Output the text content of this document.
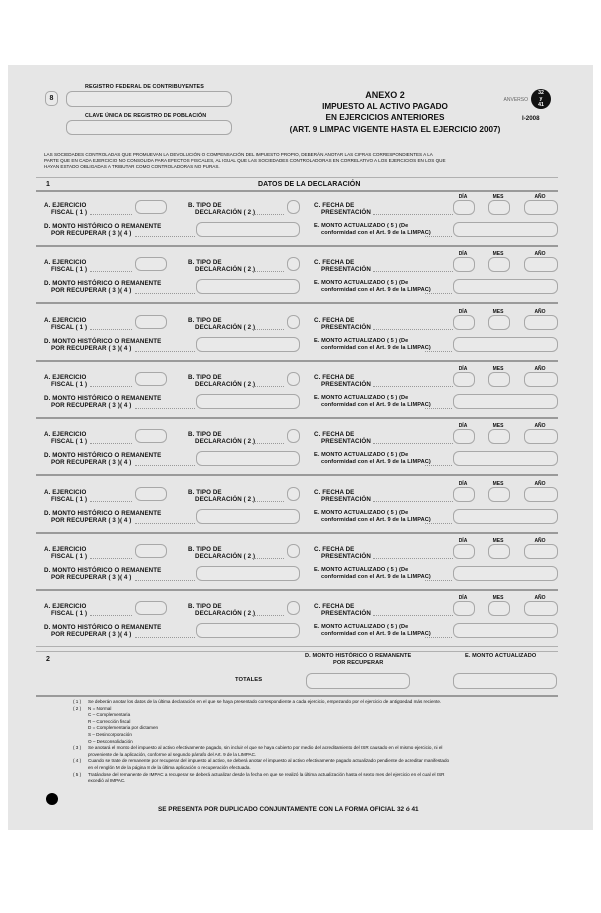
8
REGISTRO FEDERAL DE CONTRIBUYENTES
CLAVE ÚNICA DE REGISTRO DE POBLACIÓN
ANEXO 2
IMPUESTO AL ACTIVO PAGADO
EN EJERCICIOS ANTERIORES
(ART. 9 LIMPAC VIGENTE HASTA EL EJERCICIO 2007)
ANVERSO
32
y
41
I-2008
LAS SOCIEDADES CONTROLADAS QUE PROMUEVAN LA DEVOLUCIÓN O COMPENSACIÓN DEL IMPUESTO PROPIO, DEBERÁN ANOTAR LAS CIFRAS CORRESPONDIENTES A LA
PARTE QUE EN CADA EJERCICIO NO CONSOLIDA PARA EFECTOS FISCALES, AL IGUAL QUE LAS SOCIEDADES CONTROLADORAS EN CORRELATIVO A LOS EJERCICIOS EN LOS QUE
HAYAN ESTADO OBLIGADAS A TRIBUTAR COMO CONTROLADORAS NO PURAS.
1	DATOS DE LA DECLARACIÓN
DÍA	MES	AÑO
A. EJERCICIO
FISCAL ( 1 )
B. TIPO DE
DECLARACIÓN ( 2 )
C. FECHA DE
PRESENTACIÓN
D. MONTO HISTÓRICO O REMANENTE
POR RECUPERAR ( 3 )( 4 )
E. MONTO ACTUALIZADO ( 5 ) (De
conformidad con el Art. 9 de la LIMPAC)
DÍA	MES	AÑO
A. EJERCICIO
FISCAL ( 1 )
B. TIPO DE
DECLARACIÓN ( 2 )
C. FECHA DE
PRESENTACIÓN
D. MONTO HISTÓRICO O REMANENTE
POR RECUPERAR ( 3 )( 4 )
E. MONTO ACTUALIZADO ( 5 ) (De
conformidad con el Art. 9 de la LIMPAC)
DÍA	MES	AÑO
A. EJERCICIO
FISCAL ( 1 )
B. TIPO DE
DECLARACIÓN ( 2 )
C. FECHA DE
PRESENTACIÓN
D. MONTO HISTÓRICO O REMANENTE
POR RECUPERAR ( 3 )( 4 )
E. MONTO ACTUALIZADO ( 5 ) (De
conformidad con el Art. 9 de la LIMPAC)
DÍA	MES	AÑO
A. EJERCICIO
FISCAL ( 1 )
B. TIPO DE
DECLARACIÓN ( 2 )
C. FECHA DE
PRESENTACIÓN
D. MONTO HISTÓRICO O REMANENTE
POR RECUPERAR ( 3 )( 4 )
E. MONTO ACTUALIZADO ( 5 ) (De
conformidad con el Art. 9 de la LIMPAC)
DÍA	MES	AÑO
A. EJERCICIO
FISCAL ( 1 )
B. TIPO DE
DECLARACIÓN ( 2 )
C. FECHA DE
PRESENTACIÓN
D. MONTO HISTÓRICO O REMANENTE
POR RECUPERAR ( 3 )( 4 )
E. MONTO ACTUALIZADO ( 5 ) (De
conformidad con el Art. 9 de la LIMPAC)
DÍA	MES	AÑO
A. EJERCICIO
FISCAL ( 1 )
B. TIPO DE
DECLARACIÓN ( 2 )
C. FECHA DE
PRESENTACIÓN
D. MONTO HISTÓRICO O REMANENTE
POR RECUPERAR ( 3 )( 4 )
E. MONTO ACTUALIZADO ( 5 ) (De
conformidad con el Art. 9 de la LIMPAC)
DÍA	MES	AÑO
A. EJERCICIO
FISCAL ( 1 )
B. TIPO DE
DECLARACIÓN ( 2 )
C. FECHA DE
PRESENTACIÓN
D. MONTO HISTÓRICO O REMANENTE
POR RECUPERAR ( 3 )( 4 )
E. MONTO ACTUALIZADO ( 5 ) (De
conformidad con el Art. 9 de la LIMPAC)
DÍA	MES	AÑO
A. EJERCICIO
FISCAL ( 1 )
B. TIPO DE
DECLARACIÓN ( 2 )
C. FECHA DE
PRESENTACIÓN
D. MONTO HISTÓRICO O REMANENTE
POR RECUPERAR ( 3 )( 4 )
E. MONTO ACTUALIZADO ( 5 ) (De
conformidad con el Art. 9 de la LIMPAC)
2	D. MONTO HISTÓRICO O REMANENTE
POR RECUPERAR
E. MONTO ACTUALIZADO
TOTALES
( 1 ) Se deberán anotar los datos de la última declaración en el que se haya presentado correspondiente a cada ejercicio, empezando por el ejercicio de antigüedad más reciente.
( 2 ) N = Normal
C – Complementaria
R – Corrección fiscal
D = Complementaria por dictamen
S – Desincorporación
O – Desconsolidación
( 3 ) Se anotará el monto del impuesto al activo efectivamente pagado, sin incluir el que se haya cubierto por medio del acreditamiento del ISR causado en el mismo ejercicio, ni el
proveniente de la aplicación, conforme al segundo párrafo del Art. 9 de la LIMPAC.
( 4 ) Cuando se trate de remanente por recuperar del impuesto al activo, se deberá anotar el impuesto al activo efectivamente pagado actualizado pendiente de acreditar manifestado
en el renglón M de la página 8 de la última aplicación o recuperación efectuada.
( 5 ) Tratándose del remanente de IMPAC a recuperar se deberá actualizar desde la fecha en que se realizó la última actualización hasta el sexto mes del ejercicio en el cual el ISR
excedió al IMPAC.
SE PRESENTA POR DUPLICADO CONJUNTAMENTE CON LA FORMA OFICIAL 32 ó 41
